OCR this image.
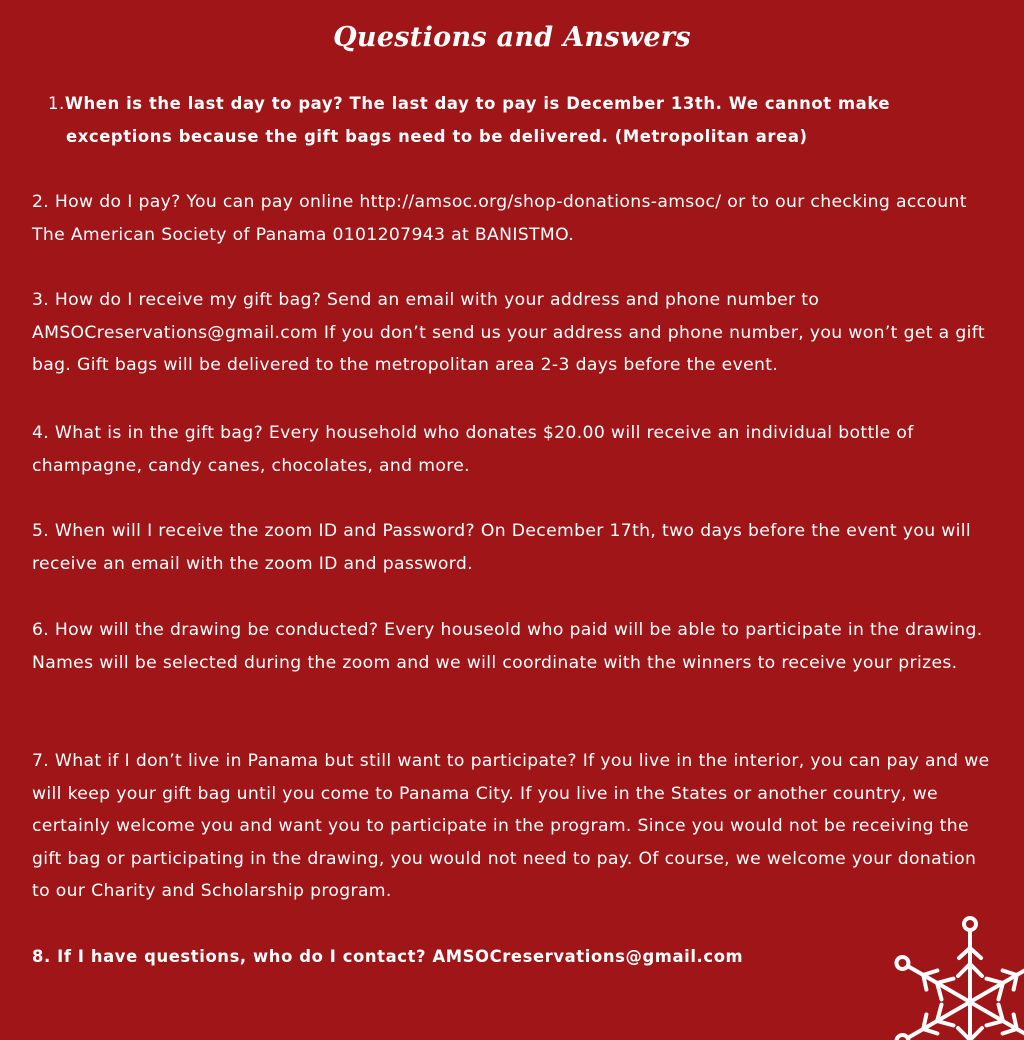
Questions and Answers

1.When is the last day to pay? The last day to pay is December 13th. We cannot make exceptions because the gift bags need to be delivered. (Metropolitan area)

2. How do I pay? You can pay online http://amsoc.org/shop-donations-amsoc/ or to our checking account The American Society of Panama 0101207943 at BANISTMO.

3. How do I receive my gift bag? Send an email with your address and phone number to AMSOCreservations@gmail.com If you don’t send us your address and phone number, you won’t get a gift bag. Gift bags will be delivered to the metropolitan area 2-3 days before the event.

4. What is in the gift bag? Every household who donates $20.00 will receive an individual bottle of champagne, candy canes, chocolates, and more.

5. When will I receive the zoom ID and Password? On December 17th, two days before the event you will receive an email with the zoom ID and password.

6. How will the drawing be conducted? Every houseold who paid will be able to participate in the drawing. Names will be selected during the zoom and we will coordinate with the winners to receive your prizes.

7. What if I don’t live in Panama but still want to participate? If you live in the interior, you can pay and we will keep your gift bag until you come to Panama City. If you live in the States or another country, we certainly welcome you and want you to participate in the program. Since you would not be receiving the gift bag or participating in the drawing, you would not need to pay. Of course, we welcome your donation to our Charity and Scholarship program.

8. If I have questions, who do I contact? AMSOCreservations@gmail.com
